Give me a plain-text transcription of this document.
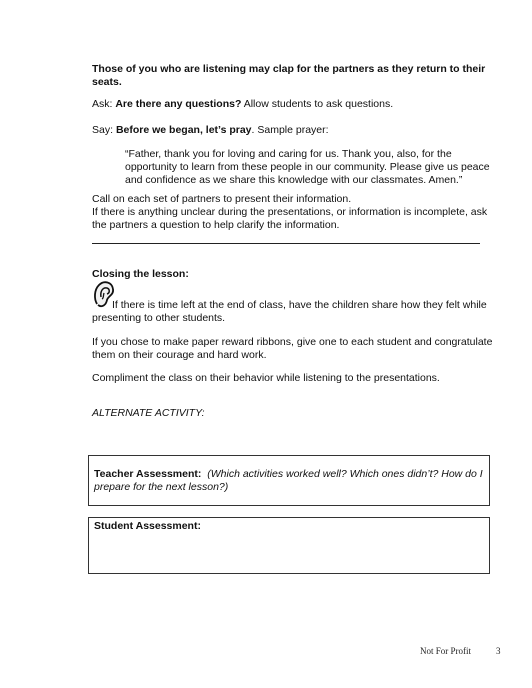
Those of you who are listening may clap for the partners as they return to their seats.

Ask: Are there any questions? Allow students to ask questions.

Say: Before we began, let’s pray. Sample prayer:

“Father, thank you for loving and caring for us. Thank you, also, for the opportunity to learn from these people in our community. Please give us peace and confidence as we share this knowledge with our classmates. Amen.”

Call on each set of partners to present their information.

If there is anything unclear during the presentations, or information is incomplete, ask the partners a question to help clarify the information.

Closing the lesson:

If there is time left at the end of class, have the children share how they felt while presenting to other students.

If you chose to make paper reward ribbons, give one to each student and congratulate them on their courage and hard work.

Compliment the class on their behavior while listening to the presentations.

ALTERNATE ACTIVITY:

Teacher Assessment: (Which activities worked well? Which ones didn’t? How do I prepare for the next lesson?)

Student Assessment:

Not For Profit	3
